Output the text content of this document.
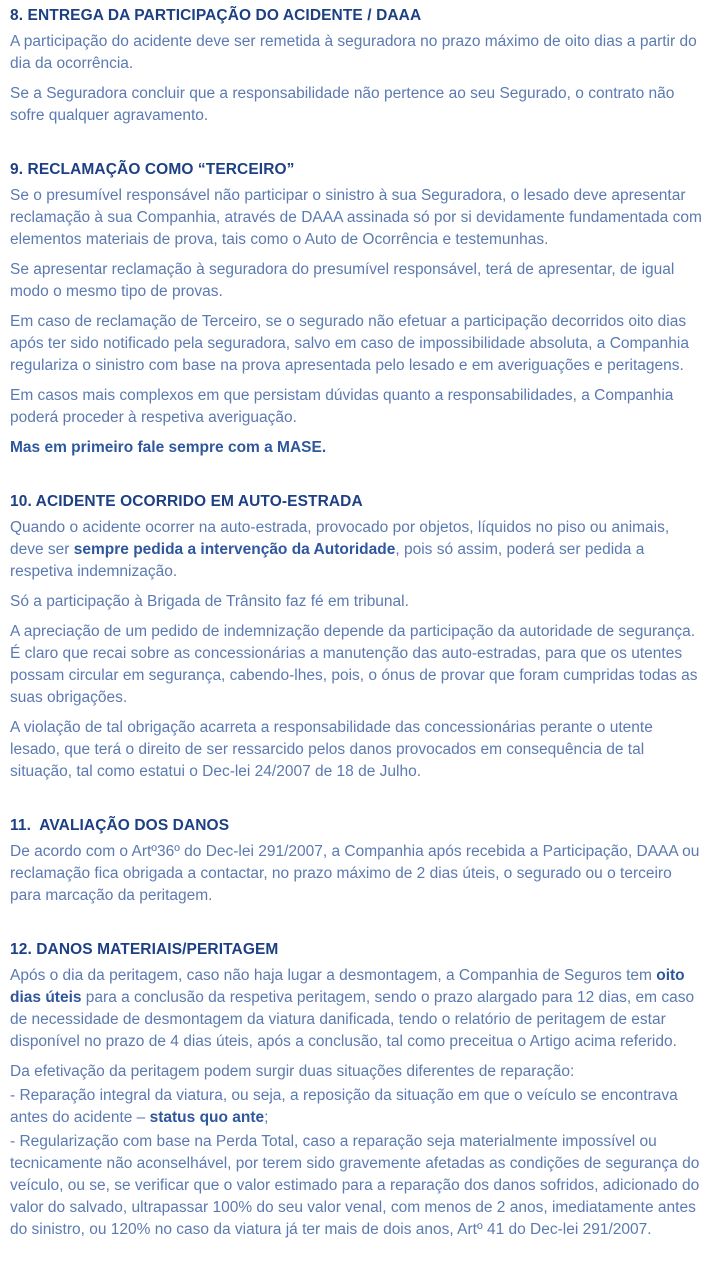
8. ENTREGA DA PARTICIPAÇÃO DO ACIDENTE / DAAA

A participação do acidente deve ser remetida à seguradora no prazo máximo de oito dias a partir do dia da ocorrência.

Se a Seguradora concluir que a responsabilidade não pertence ao seu Segurado, o contrato não sofre qualquer agravamento.

9. RECLAMAÇÃO COMO “TERCEIRO”

Se o presumível responsável não participar o sinistro à sua Seguradora, o lesado deve apresentar reclamação à sua Companhia, através de DAAA assinada só por si devidamente fundamentada com elementos materiais de prova, tais como o Auto de Ocorrência e testemunhas.

Se apresentar reclamação à seguradora do presumível responsável, terá de apresentar, de igual modo o mesmo tipo de provas.

Em caso de reclamação de Terceiro, se o segurado não efetuar a participação decorridos oito dias após ter sido notificado pela seguradora, salvo em caso de impossibilidade absoluta, a Companhia regulariza o sinistro com base na prova apresentada pelo lesado e em averiguações e peritagens.

Em casos mais complexos em que persistam dúvidas quanto a responsabilidades, a Companhia poderá proceder à respetiva averiguação.

Mas em primeiro fale sempre com a MASE.

10. ACIDENTE OCORRIDO EM AUTO-ESTRADA

Quando o acidente ocorrer na auto-estrada, provocado por objetos, líquidos no piso ou animais, deve ser sempre pedida a intervenção da Autoridade, pois só assim, poderá ser pedida a respetiva indemnização.

Só a participação à Brigada de Trânsito faz fé em tribunal.

A apreciação de um pedido de indemnização depende da participação da autoridade de segurança. É claro que recai sobre as concessionárias a manutenção das auto-estradas, para que os utentes possam circular em segurança, cabendo-lhes, pois, o ónus de provar que foram cumpridas todas as suas obrigações.

A violação de tal obrigação acarreta a responsabilidade das concessionárias perante o utente lesado, que terá o direito de ser ressarcido pelos danos provocados em consequência de tal situação, tal como estatui o Dec-lei 24/2007 de 18 de Julho.

11.  AVALIAÇÃO DOS DANOS

De acordo com o Artº36º do Dec-lei 291/2007, a Companhia após recebida a Participação, DAAA ou reclamação fica obrigada a contactar, no prazo máximo de 2 dias úteis, o segurado ou o terceiro para marcação da peritagem.

12. DANOS MATERIAIS/PERITAGEM

Após o dia da peritagem, caso não haja lugar a desmontagem, a Companhia de Seguros tem oito dias úteis para a conclusão da respetiva peritagem, sendo o prazo alargado para 12 dias, em caso de necessidade de desmontagem da viatura danificada, tendo o relatório de peritagem de estar disponível no prazo de 4 dias úteis, após a conclusão, tal como preceitua o Artigo acima referido.

Da efetivação da peritagem podem surgir duas situações diferentes de reparação:

- Reparação integral da viatura, ou seja, a reposição da situação em que o veículo se encontrava antes do acidente – status quo ante;

- Regularização com base na Perda Total, caso a reparação seja materialmente impossível ou tecnicamente não aconselhável, por terem sido gravemente afetadas as condições de segurança do veículo, ou se, se verificar que o valor estimado para a reparação dos danos sofridos, adicionado do valor do salvado, ultrapassar 100% do seu valor venal, com menos de 2 anos, imediatamente antes do sinistro, ou 120% no caso da viatura já ter mais de dois anos, Artº 41 do Dec-lei 291/2007.
